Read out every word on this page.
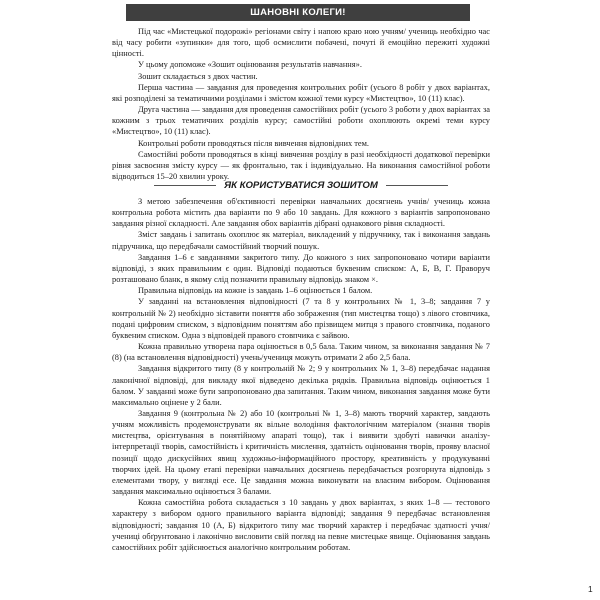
ШАНОВНІ КОЛЕГИ!

Під час «Мистецької подорожі» регіонами світу і напою краю ною учням/ учениць необхідно час від часу робити «зупинки» для того, щоб осмислити побачені, почуті й емоційно пережиті художні цінності.

У цьому допоможе «Зошит оцінювання результатів навчання».

Зошит складається з двох частин.

Перша частина — завдання для проведення контрольних робіт (усього 8 робіт у двох варіантах, які розподілені за тематичними розділами і змістом кожної теми курсу «Мистецтво», 10 (11) клас).

Друга частина — завдання для проведення самостійних робіт (усього 3 роботи у двох варіантах за кожним з трьох тематичних розділів курсу; самостійні роботи охоплюють окремі теми курсу «Мистецтво», 10 (11) клас).

Контрольні роботи проводяться після вивчення відповідних тем.

Самостійні роботи проводяться в кінці вивчення розділу в разі необхідності додаткової перевірки рівня засвоєння змісту курсу — як фронтально, так і індивідуально. На виконання самостійної роботи відводиться 15–20 хвилин уроку.

ЯК КОРИСТУВАТИСЯ ЗОШИТОМ

З метою забезпечення об'єктивності перевірки навчальних досягнень учнів/ учениць кожна контрольна робота містить два варіанти по 9 або 10 завдань. Для кожного з варіантів запропоновано завдання різної складності. Але завдання обох варіантів дібрані однакового рівня складності.

Зміст завдань і запитань охоплює як матеріал, викладений у підручнику, так і виконання завдань підручника, що передбачали самостійний творчий пошук.

Завдання 1–6 є завданнями закритого типу. До кожного з них запропоновано чотири варіанти відповіді, з яких правильним є один. Відповіді подаються буквеним списком: А, Б, В, Г. Праворуч розташовано бланк, в якому слід позначити правильну відповідь знаком ×.

Правильна відповідь на кожне із завдань 1–6 оцінюється 1 балом.

У завданні на встановлення відповідності (7 та 8 у контрольних № 1, 3–8; завдання 7 у контрольній № 2) необхідно зіставити поняття або зображення (тип мистецтва тощо) з лівого стовпчика, подані цифровим списком, з відповідним поняттям або прізвищем митця з правого стовпчика, поданого буквеним списком. Одна з відповідей правого стовпчика є зайвою.

Кожна правильно утворена пара оцінюється в 0,5 бала. Таким чином, за виконання завдання № 7 (8) (на встановлення відповідності) учень/учениця можуть отримати 2 або 2,5 бала.

Завдання відкритого типу (8 у контрольній № 2; 9 у контрольних № 1, 3–8) передбачає надання лаконічної відповіді, для викладу якої відведено декілька рядків. Правильна відповідь оцінюється 1 балом. У завданні може бути запропоновано два запитання. Таким чином, виконання завдання може бути максимально оцінене у 2 бали.

Завдання 9 (контрольна № 2) або 10 (контрольні № 1, 3–8) мають творчий характер, завдають учням можливість продемонструвати як вільне володіння фактологічним матеріалом (знання творів мистецтва, орієнтування в понятійному апараті тощо), так і виявити здобуті навички аналізу-інтерпретації творів, самостійність і критичність мислення, здатність оцінювання творів, прояву власної позиції щодо дискусійних явищ художньо-інформаційного простору, креативність у продукуванні творчих ідей. На цьому етапі перевірки навчальних досягнень передбачається розгорнута відповідь з елементами твору, у вигляді есе. Це завдання можна виконувати на власним вибором. Оцінювання завдання максимально оцінюється 3 балами.

Кожна самостійна робота складається з 10 завдань у двох варіантах, з яких 1–8 — тестового характеру з вибором одного правильного варіанта відповіді; завдання 9 передбачає встановлення відповідності; завдання 10 (А, Б) відкритого типу має творчий характер і передбачає здатності учня/учениці обґрунтовано і лаконічно висловити свій погляд на певне мистецьке явище. Оцінювання завдань самостійних робіт здійснюється аналогічно контрольним роботам.

1
